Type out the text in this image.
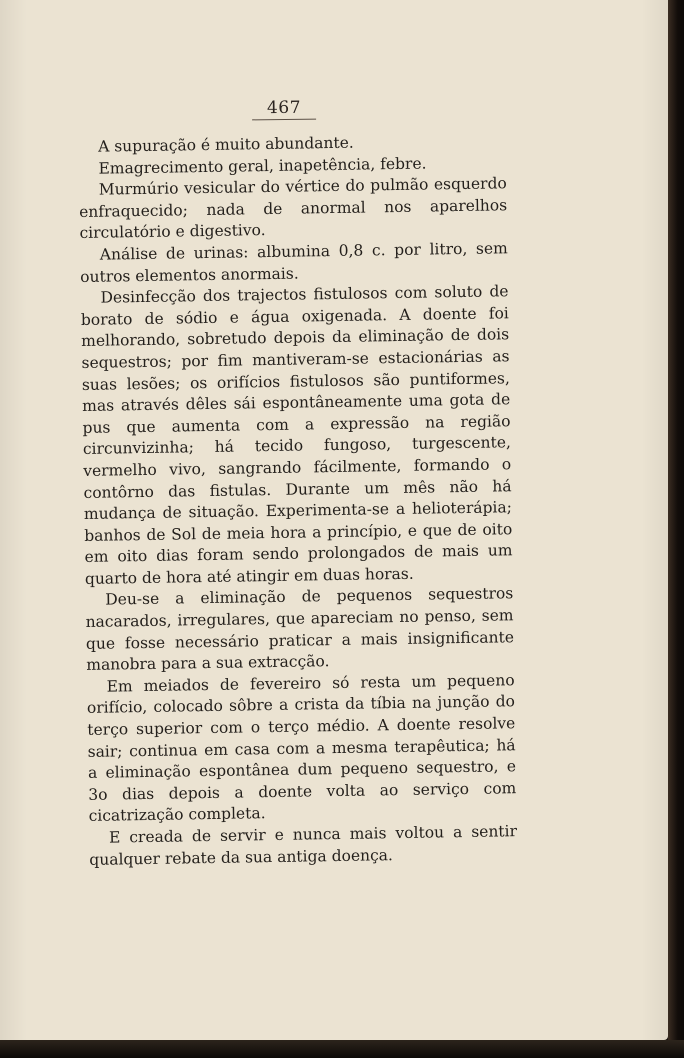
467

A supuração é muito abundante.

Emagrecimento geral, inapetência, febre.

Murmúrio vesicular do vértice do pulmão esquerdo enfraquecido; nada de anormal nos aparelhos circulatório e digestivo.

Análise de urinas: albumina 0,8 c. por litro, sem outros elementos anormais.

Desinfecção dos trajectos fistulosos com soluto de borato de sódio e água oxigenada. A doente foi melhorando, sobretudo depois da eliminação de dois sequestros; por fim mantiveram-se estacionárias as suas lesões; os orifícios fistulosos são puntiformes, mas através dêles sái espontâneamente uma gota de pus que aumenta com a expressão na região circunvizinha; há tecido fungoso, turgescente, vermelho vivo, sangrando fácilmente, formando o contôrno das fistulas. Durante um mês não há mudança de situação. Experimenta-se a helioterápia; banhos de Sol de meia hora a princípio, e que de oito em oito dias foram sendo prolongados de mais um quarto de hora até atingir em duas horas.

Deu-se a eliminação de pequenos sequestros nacarados, irregulares, que apareciam no penso, sem que fosse necessário praticar a mais insignificante manobra para a sua extracção.

Em meiados de fevereiro só resta um pequeno orifício, colocado sôbre a crista da tíbia na junção do terço superior com o terço médio. A doente resolve sair; continua em casa com a mesma terapêutica; há a eliminação espontânea dum pequeno sequestro, e 3o dias depois a doente volta ao serviço com cicatrização completa.

E creada de servir e nunca mais voltou a sentir qualquer rebate da sua antiga doença.
